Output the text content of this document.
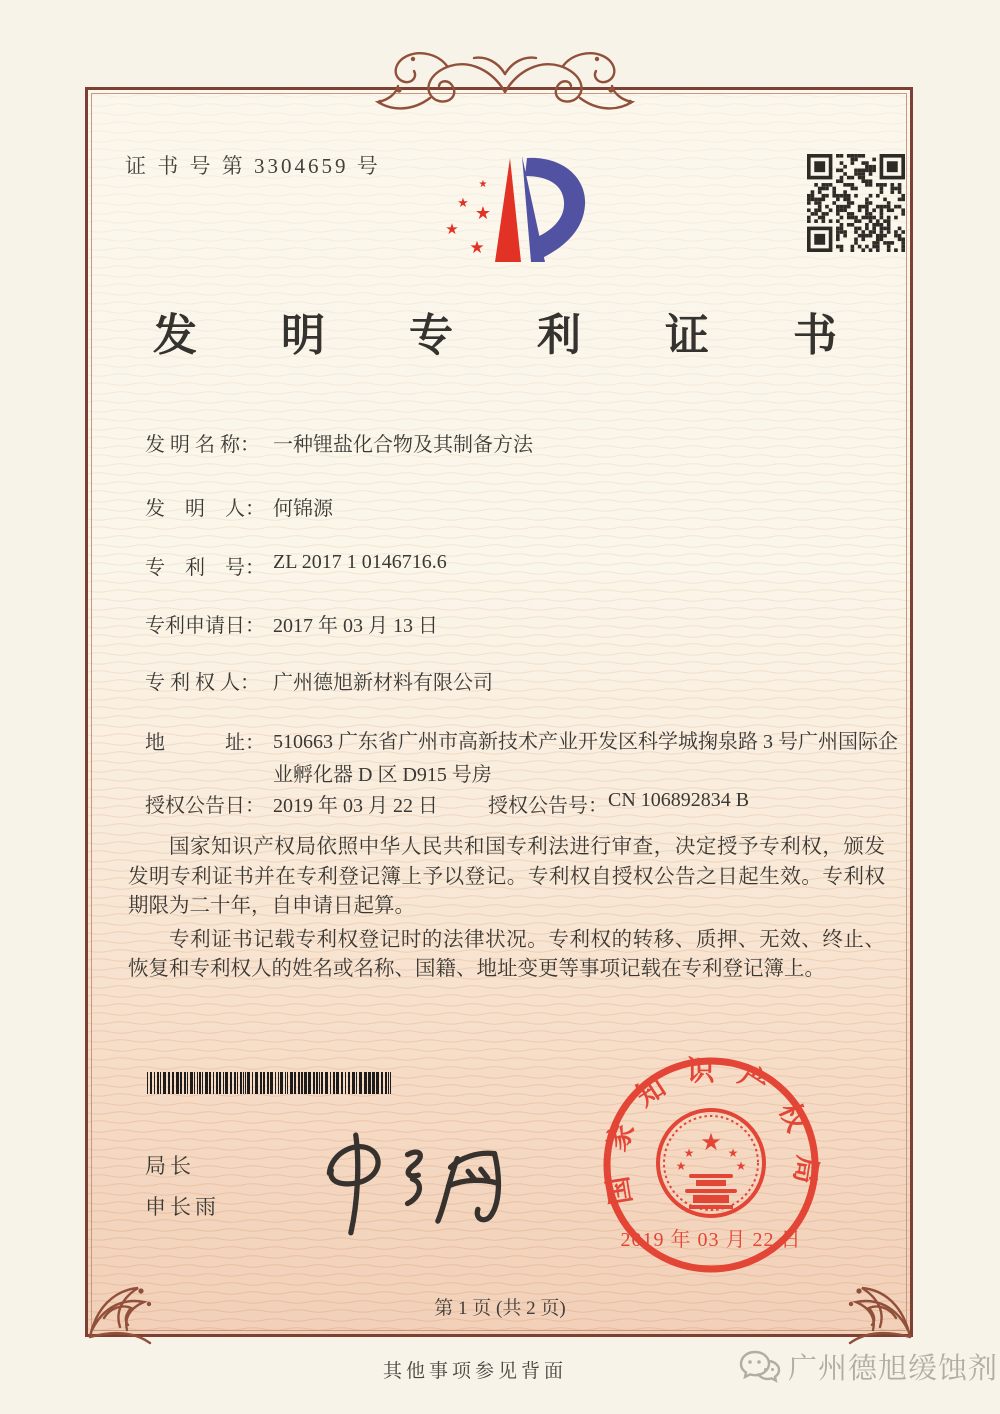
证 书 号 第 3304659 号
★
★ ★
★
★
发  明  专  利  证  书
发 明 名 称： 一种锂盐化合物及其制备方法
发　明　人： 何锦源
专　利　号： ZL 2017 1 0146716.6
专利申请日： 2017 年 03 月 13 日
专 利 权 人： 广州德旭新材料有限公司
地　　　址： 510663 广东省广州市高新技术产业开发区科学城掬泉路 3 号广州国际企业孵化器 D 区 D915 号房
授权公告日： 2019 年 03 月 22 日	授权公告号：CN 106892834 B

国家知识产权局依照中华人民共和国专利法进行审查，决定授予专利权，颁发发明专利证书并在专利登记簿上予以登记。专利权自授权公告之日起生效。专利权期限为二十年，自申请日起算。

专利证书记载专利权登记时的法律状况。专利权的转移、质押、无效、终止、恢复和专利权人的姓名或名称、国籍、地址变更等事项记载在专利登记簿上。

局长
申长雨
国家知识产权局
★
★
★
★
★
2019 年 03 月 22 日
第 1 页 (共 2 页)
其他事项参见背面	广州德旭缓蚀剂
